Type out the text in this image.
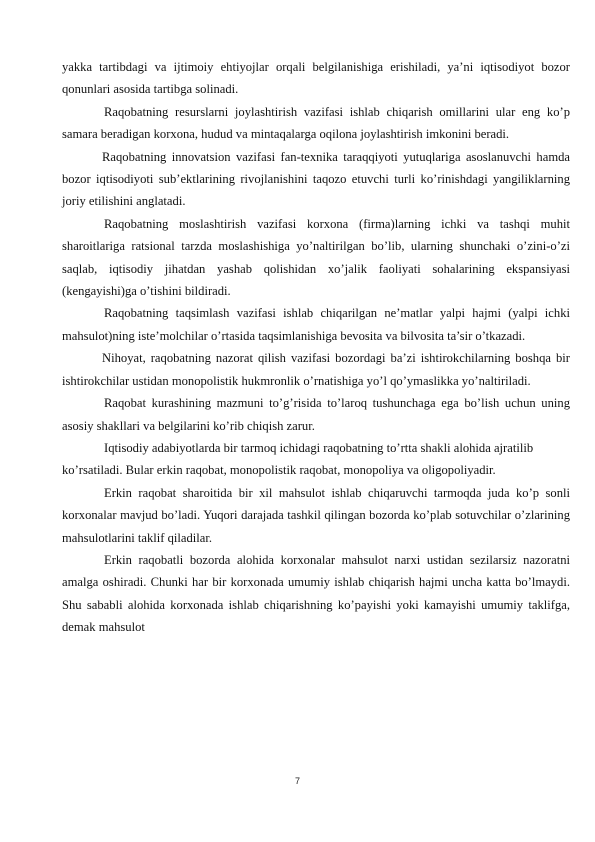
yakka tartibdagi va ijtimoiy ehtiyojlar orqali belgilanishiga erishiladi, ya’ni iqtisodiyot bozor qonunlari asosida tartibga solinadi.

Raqobatning resurslarni joylashtirish vazifasi ishlab chiqarish omillarini ular eng ko’p samara beradigan korxona, hudud va mintaqalarga oqilona joylashtirish imkonini beradi.

Raqobatning innovatsion vazifasi fan-texnika taraqqiyoti yutuqlariga asoslanuvchi hamda bozor iqtisodiyoti sub’ektlarining rivojlanishini taqozo etuvchi turli ko’rinishdagi yangiliklarning joriy etilishini anglatadi.

Raqobatning moslashtirish vazifasi korxona (firma)larning ichki va tashqi muhit sharoitlariga ratsional tarzda moslashishiga yo’naltirilgan bo’lib, ularning shunchaki o’zini-o’zi saqlab, iqtisodiy jihatdan yashab qolishidan xo’jalik faoliyati sohalarining ekspansiyasi (kengayishi)ga o’tishini bildiradi.

Raqobatning taqsimlash vazifasi ishlab chiqarilgan ne’matlar yalpi hajmi (yalpi ichki mahsulot)ning iste’molchilar o’rtasida taqsimlanishiga bevosita va bilvosita ta’sir o’tkazadi.

Nihoyat, raqobatning nazorat qilish vazifasi bozordagi ba’zi ishtirokchilarning boshqa bir ishtirokchilar ustidan monopolistik hukmronlik o’rnatishiga yo’l qo’ymaslikka yo’naltiriladi.

Raqobat kurashining mazmuni to’g’risida to’laroq tushunchaga ega bo’lish uchun uning asosiy shakllari va belgilarini ko’rib chiqish zarur.

Iqtisodiy adabiyotlarda bir tarmoq ichidagi raqobatning to’rtta shakli alohida ajratilib ko’rsatiladi. Bular erkin raqobat, monopolistik raqobat, monopoliya va oligopoliyadir.

Erkin raqobat sharoitida bir xil mahsulot ishlab chiqaruvchi tarmoqda juda ko’p sonli korxonalar mavjud bo’ladi. Yuqori darajada tashkil qilingan bozorda ko’plab sotuvchilar o’zlarining mahsulotlarini taklif qiladilar.

Erkin raqobatli bozorda alohida korxonalar mahsulot narxi ustidan sezilarsiz nazoratni amalga oshiradi. Chunki har bir korxonada umumiy ishlab chiqarish hajmi uncha katta bo’lmaydi. Shu sababli alohida korxonada ishlab chiqarishning ko’payishi yoki kamayishi umumiy taklifga, demak mahsulot

7
